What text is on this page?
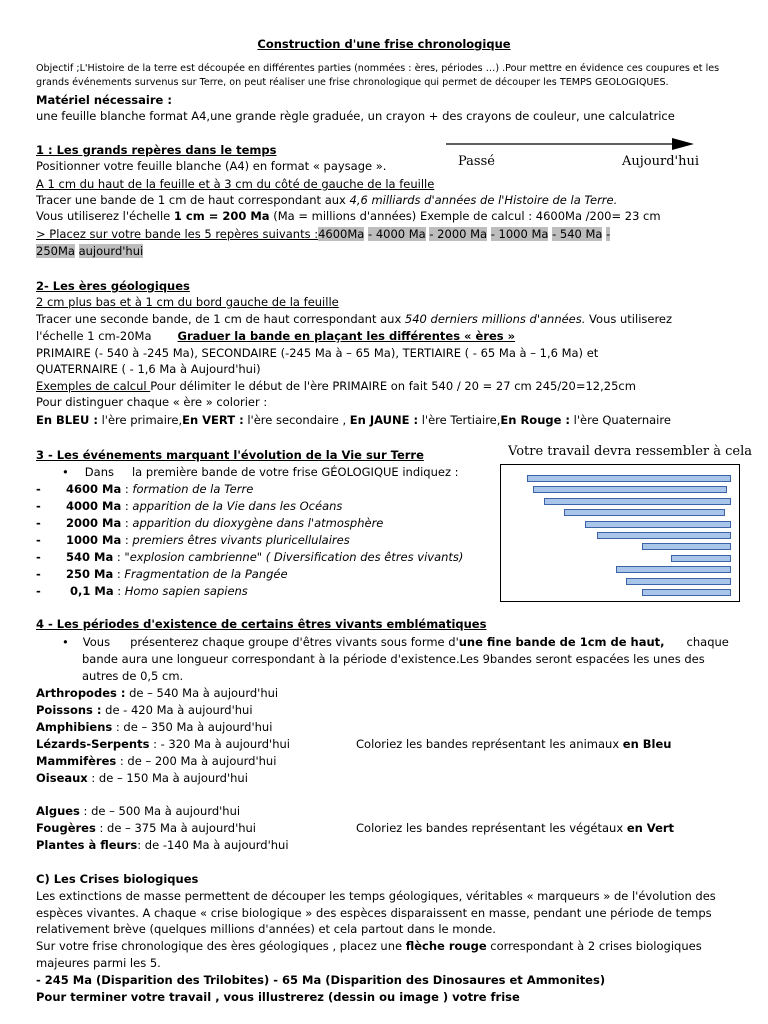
Construction d'une frise chronologique
Objectif ;L'Histoire de la terre est découpée en différentes parties (nommées : ères, périodes …) .Pour mettre en évidence ces coupures et les
grands événements survenus sur Terre, on peut réaliser une frise chronologique qui permet de découper les TEMPS GEOLOGIQUES.
Matériel nécessaire :
une feuille blanche format A4,une grande règle graduée, un crayon + des crayons de couleur, une calculatrice
Passé	Aujourd'hui
1 : Les grands repères dans le temps
Positionner votre feuille blanche (A4) en format « paysage ».
A 1 cm du haut de la feuille et à 3 cm du côté de gauche de la feuille
Tracer une bande de 1 cm de haut correspondant aux 4,6 milliards d'années de l'Histoire de la Terre.
Vous utiliserez l'échelle 1 cm = 200 Ma (Ma = millions d'années) Exemple de calcul : 4600Ma /200= 23 cm
> Placez sur votre bande les 5 repères suivants :4600Ma - 4000 Ma - 2000 Ma - 1000 Ma - 540 Ma -
250Ma aujourd'hui
2- Les ères géologiques
2 cm plus bas et à 1 cm du bord gauche de la feuille
Tracer une seconde bande, de 1 cm de haut correspondant aux 540 derniers millions d'années. Vous utiliserez
l'échelle 1 cm-20Ma Graduer la bande en plaçant les différentes « ères »
PRIMAIRE (- 540 à -245 Ma), SECONDAIRE (-245 Ma à – 65 Ma), TERTIAIRE ( - 65 Ma à – 1,6 Ma) et
QUATERNAIRE ( - 1,6 Ma à Aujourd'hui)
Exemples de calcul Pour délimiter le début de l'ère PRIMAIRE on fait 540 / 20 = 27 cm 245/20=12,25cm
Pour distinguer chaque « ère » colorier :
En BLEU : l'ère primaire,En VERT : l'ère secondaire , En JAUNE : l'ère Tertiaire,En Rouge : l'ère Quaternaire
3 - Les événements marquant l'évolution de la Vie sur Terre	Votre travail devra ressembler à cela
• Dans la première bande de votre frise GÉOLOGIQUE indiquez :
- 4600 Ma : formation de la Terre
- 4000 Ma : apparition de la Vie dans les Océans
- 2000 Ma : apparition du dioxygène dans l'atmosphère
- 1000 Ma : premiers êtres vivants pluricellulaires
- 540 Ma : "explosion cambrienne" ( Diversification des êtres vivants)
- 250 Ma : Fragmentation de la Pangée
-	0,1 Ma : Homo sapien sapiens
4 - Les périodes d'existence de certains êtres vivants emblématiques
• Vous présenterez chaque groupe d'êtres vivants sous forme d'une fine bande de 1cm de haut, chaque
bande aura une longueur correspondant à la période d'existence.Les 9bandes seront espacées les unes des
autres de 0,5 cm.
Arthropodes : de – 540 Ma à aujourd'hui
Poissons : de - 420 Ma à aujourd'hui
Amphibiens : de – 350 Ma à aujourd'hui
Lézards-Serpents : - 320 Ma à aujourd'hui
Mammifères : de – 200 Ma à aujourd'hui
Oiseaux : de – 150 Ma à aujourd'hui
Coloriez les bandes représentant les animaux en Bleu
Algues : de – 500 Ma à aujourd'hui
Fougères : de – 375 Ma à aujourd'hui
Plantes à fleurs: de -140 Ma à aujourd'hui
Coloriez les bandes représentant les végétaux en Vert
C) Les Crises biologiques
Les extinctions de masse permettent de découper les temps géologiques, véritables « marqueurs » de l'évolution des
espèces vivantes. A chaque « crise biologique » des espèces disparaissent en masse, pendant une période de temps
relativement brève (quelques millions d'années) et cela partout dans le monde.
Sur votre frise chronologique des ères géologiques , placez une flèche rouge correspondant à 2 crises biologiques
majeures parmi les 5.
- 245 Ma (Disparition des Trilobites) - 65 Ma (Disparition des Dinosaures et Ammonites)
Pour terminer votre travail , vous illustrerez (dessin ou image ) votre frise
